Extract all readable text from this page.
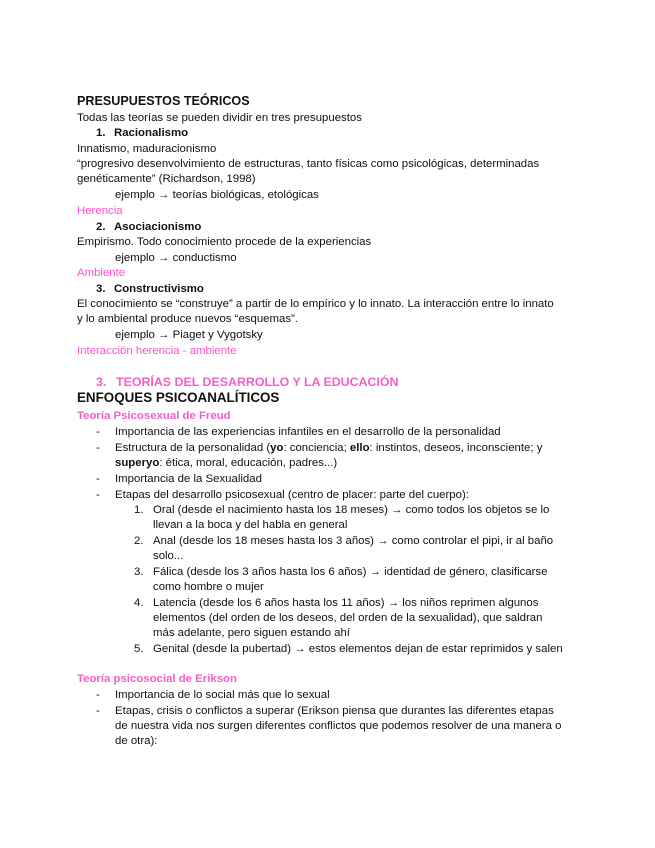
PRESUPUESTOS TEÓRICOS
Todas las teorías se pueden dividir en tres presupuestos
1. Racionalismo
Innatismo, maduracionismo
“progresivo desenvolvimiento de estructuras, tanto físicas como psicológicas, determinadas
genéticamente” (Richardson, 1998)
ejemplo → teorías biológicas, etológicas
Herencia
2. Asociacionismo
Empirismo. Todo conocimiento procede de la experiencias
ejemplo → conductismo
Ambiente
3. Constructivismo
El conocimiento se “construye” a partir de lo empírico y lo innato. La interacción entre lo innato
y lo ambiental produce nuevos “esquemas”.
ejemplo → Piaget y Vygotsky
Interacción herencia - ambiente
3. TEORÍAS DEL DESARROLLO Y LA EDUCACIÓN
ENFOQUES PSICOANALÍTICOS
Teoría Psicosexual de Freud
- Importancia de las experiencias infantiles en el desarrollo de la personalidad
- Estructura de la personalidad (yo: conciencia; ello: instintos, deseos, inconsciente; y
superyo: ética, moral, educación, padres...)
- Importancia de la Sexualidad
- Etapas del desarrollo psicosexual (centro de placer: parte del cuerpo):
1. Oral (desde el nacimiento hasta los 18 meses) → como todos los objetos se lo
llevan a la boca y del habla en general
2. Anal (desde los 18 meses hasta los 3 años) → como controlar el pipi, ir al baño
solo...
3. Fálica (desde los 3 años hasta los 6 años) → identidad de género, clasificarse
como hombre o mujer
4. Latencia (desde los 6 años hasta los 11 años) → los niños reprimen algunos
elementos (del orden de los deseos, del orden de la sexualidad), que saldran
más adelante, pero siguen estando ahí
5. Genital (desde la pubertad) → estos elementos dejan de estar reprimidos y salen
Teoría psicosocial de Erikson
- Importancia de lo social más que lo sexual
- Etapas, crisis o conflictos a superar (Erikson piensa que durantes las diferentes etapas
de nuestra vida nos surgen diferentes conflictos que podemos resolver de una manera o
de otra):
